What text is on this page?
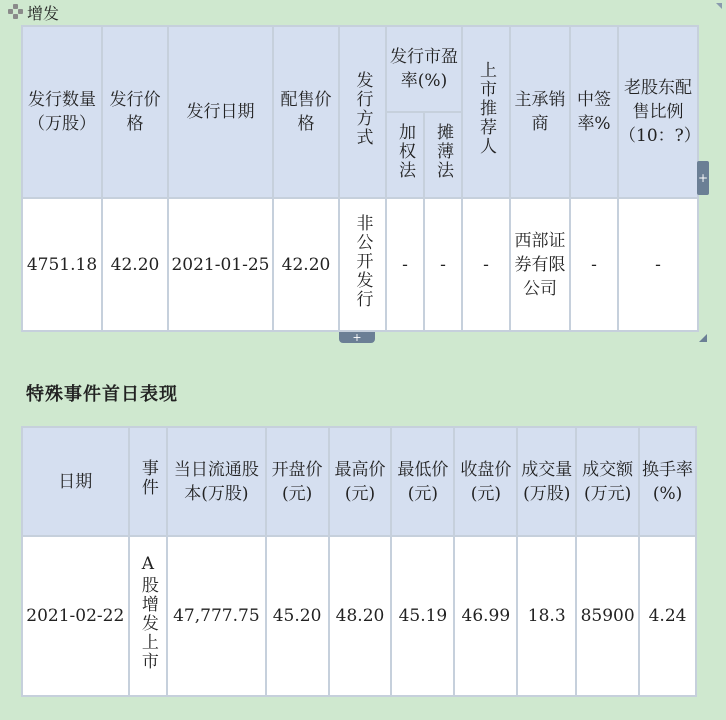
增发
发行数量（万股）	发行价格	发行日期	配售价格	发行方式	发行市盈率(%)		上市推荐人	主承销商	中签率%	老股东配售比例（10：?）
					加权法	摊薄法				
4751.18	42.20	2021-01-25	42.20	非公开发行	-	-	-	西部证券有限公司	-	-
+
+
特殊事件首日表现
日期	事件	当日流通股本(万股)	开盘价(元)	最高价(元)	最低价(元)	收盘价(元)	成交量(万股)	成交额(万元)	换手率(%)
2021-02-22	A股增发上市	47,777.75	45.20	48.20	45.19	46.99	18.3	85900	4.24
